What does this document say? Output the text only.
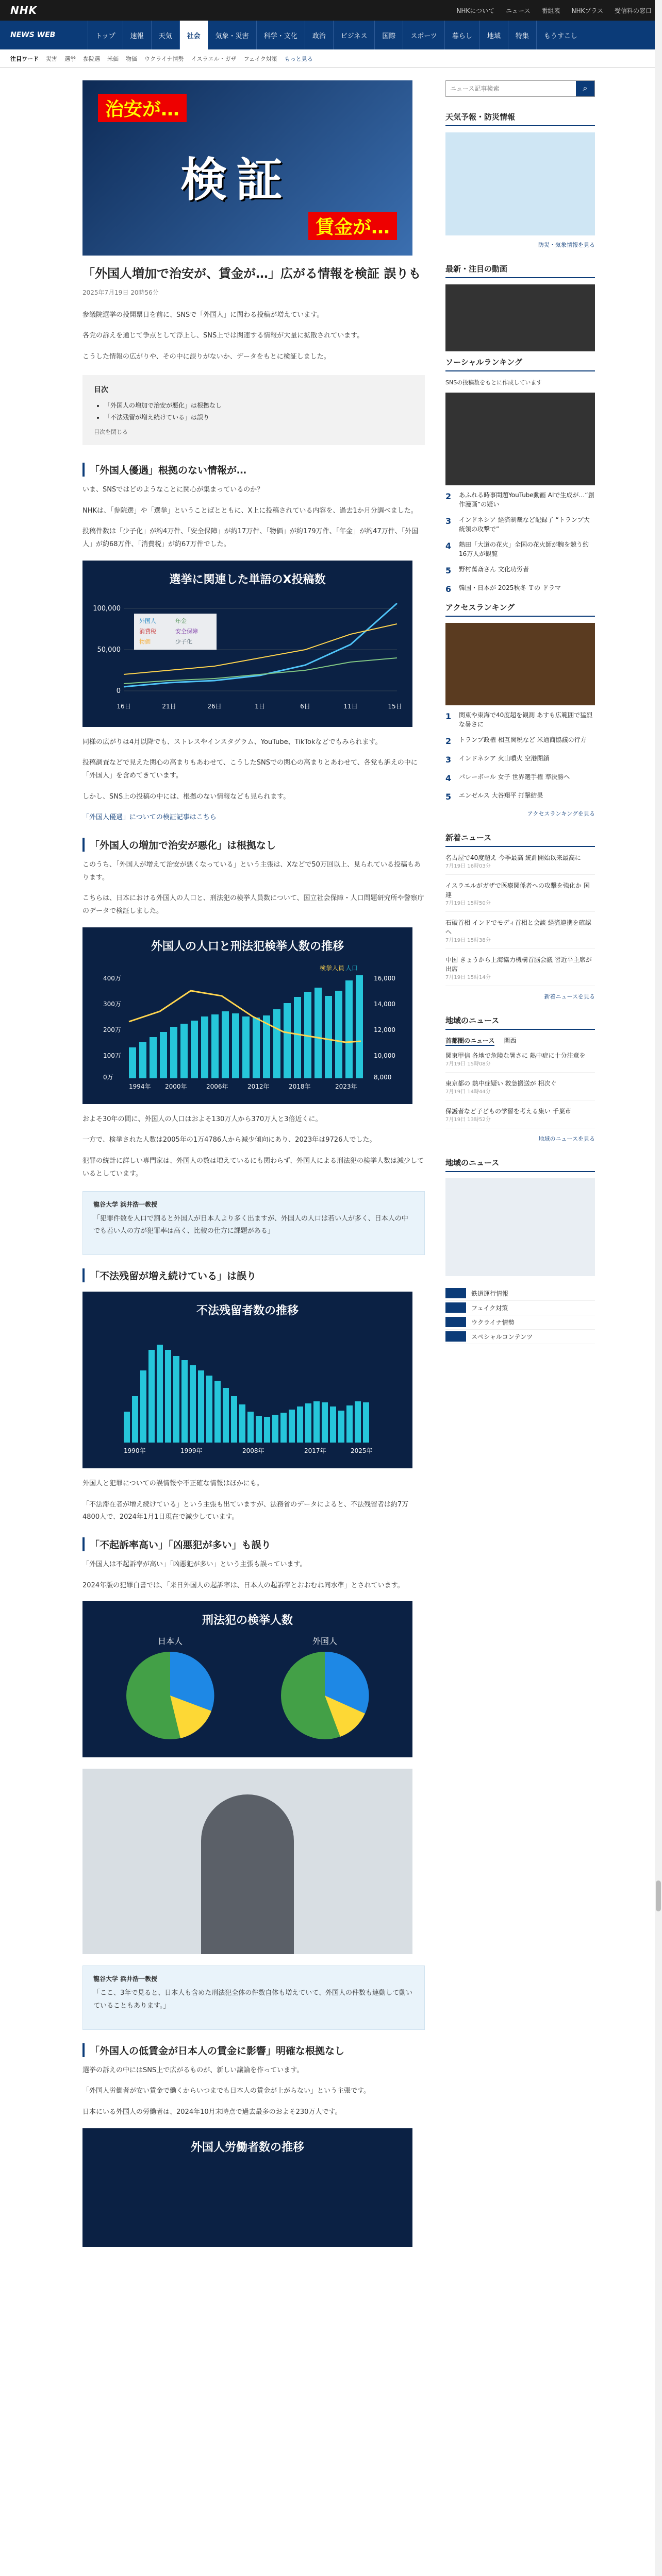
NHK	NHKについて ニュース 番組表 NHKプラス 受信料の窓口
NEWS WEB	トップ	速報	天気	社会	気象・災害	科学・文化	政治	ビジネス	国際	スポーツ	暮らし	地域	特集	もうすこし
注目ワード 災害 選挙 参院選 米価 物価 ウクライナ情勢 イスラエル・ガザ フェイク対策 もっと見る
治安が…
検証
賃金が…
「外国人増加で治安が、賃金が…」広がる情報を検証 誤りも
2025年7月19日 20時56分

参議院選挙の投開票日を前に、SNSで「外国人」に関わる投稿が増えています。

各党の訴えを通じて争点として浮上し、SNS上では関連する情報が大量に拡散されています。

こうした情報の広がりや、その中に誤りがないか、データをもとに検証しました。

目次
• 「外国人の増加で治安が悪化」は根拠なし
• 「不法残留が増え続けている」は誤り
目次を閉じる
「外国人優遇」根拠のない情報が…

いま、SNSではどのようなことに関心が集まっているのか？

NHKは、「参院選」や「選挙」ということばとともに、X上に投稿されている内容を、過去1か月分調べました。

投稿件数は「少子化」が約4万件、「安全保障」が約17万件、「物価」が約179万件、「年金」が約47万件、「外国人」が約68万件、「消費税」が約67万件でした。

選挙に関連した単語のX投稿数
0
50,000
100,000
16日	21日	26日	1日	6日	11日	15日
外国人
消費税
物価
年金
安全保障
少子化

同様の広がりは4月以降でも、ストレスやインスタグラム、YouTube、TikTokなどでもみられます。

投稿調査などで見えた関心の高まりもあわせて、こうしたSNSでの関心の高まりとあわせて、各党も訴えの中に「外国人」を含めてきています。

しかし、SNS上の投稿の中には、根拠のない情報なども見られます。

「外国人優遇」についての検証記事はこちら

「外国人の増加で治安が悪化」は根拠なし

このうち、「外国人が増えて治安が悪くなっている」という主張は、Xなどで50万回以上、見られている投稿もあります。

こちらは、日本における外国人の人口と、刑法犯の検挙人員数について、国立社会保障・人口問題研究所や警察庁のデータで検証しました。

外国人の人口と刑法犯検挙人数の推移
2000年
1994年	2006年	2012年	2018年	2023年
400万
300万
200万
100万
0万
16,000
14,000
12,000
10,000
8,000
検挙人員 人口

およそ30年の間に、外国人の人口はおよそ130万人から370万人と3倍近くに。

一方で、検挙された人数は2005年の1万4786人から減少傾向にあり、2023年は9726人でした。

犯罪の統計に詳しい専門家は、外国人の数は増えているにも関わらず、外国人による刑法犯の検挙人数は減少しているとしています。

龍谷大学 浜井浩一教授

「犯罪件数を人口で割ると外国人が日本人より多く出ますが、外国人の人口は若い人が多く、日本人の中でも若い人の方が犯罪率は高く、比較の仕方に課題がある」

「不法残留が増え続けている」は誤り
不法残留者数の推移
1990年	1999年	2008年	2017年	2025年

外国人と犯罪についての誤情報や不正確な情報はほかにも。

「不法滞在者が増え続けている」という主張も出ていますが、法務省のデータによると、不法残留者は約7万4800人で、2024年1月1日現在で減少しています。

「不起訴率高い」「凶悪犯が多い」も誤り

「外国人は不起訴率が高い」「凶悪犯が多い」という主張も誤っています。

2024年版の犯罪白書では、「来日外国人の起訴率は、日本人の起訴率とおおむね同水準」とされています。

刑法犯の検挙人数
日本人	外国人
龍谷大学 浜井浩一教授

「ここ、3年で見ると、日本人も含めた刑法犯全体の件数自体も増えていて、外国人の件数も連動して動いていることもあります。」

「外国人の低賃金が日本人の賃金に影響」明確な根拠なし

選挙の訴えの中にはSNS上で広がるものが、新しい議論を作っています。

「外国人労働者が安い賃金で働くからいつまでも日本人の賃金が上がらない」という主張です。

日本にいる外国人の労働者は、2024年10月末時点で過去最多のおよそ230万人です。

外国人労働者数の推移
ニュース記事検索
⌕
天気予報・防災情報
防災・気象情報を見る
最新・注目の動画
ソーシャルランキング

SNSの投稿数をもとに作成しています

2	あふれる時事問題YouTube動画 AIで生成が…“創作漫画”の疑い
3	インドネシア 経済制裁など記録了 “トランプ大統領の攻撃で”
4	熱田「大道の花火」全国の花火師が腕を競う約16万人が観覧
5	野村萬斎さん 文化功労者
6	韓国・日本が 2025秋冬 Ｔの ドラマ
アクセスランキング
1	関東や東海で40度超を観測 あすも広範囲で猛烈な暑さに
2	トランプ政権 相互関税など 米通商協議の行方
3	インドネシア 火山噴火 空港閉鎖
4	パレーボール 女子 世界選手権 準決勝へ
5	エンゼルス 大谷翔平 打撃結果
アクセスランキングを見る
新着ニュース
名古屋で40度超え 今季最高 統計開始以来最高に
7月19日 16時03分
イスラエルがガザで医療関係者への攻撃を強化か 国連
7月19日 15時50分
石破首相 インドでモディ首相と会談 経済連携を確認へ
7月19日 15時38分
中国 きょうから上海協力機構首脳会議 習近平主席が出席
7月19日 15時14分
新着ニュースを見る
地域のニュース
首都圏のニュース 関西
関東甲信 各地で危険な暑さに 熱中症に十分注意を
7月19日 15時08分
東京都の 熱中症疑い 救急搬送が 相次ぐ
7月19日 14時44分
保護者など子どもの学習を考える集い 千葉市
7月19日 13時52分
地域のニュースを見る
地域のニュース
鉄道運行情報
フェイク対策
ウクライナ情勢
スペシャルコンテンツ
